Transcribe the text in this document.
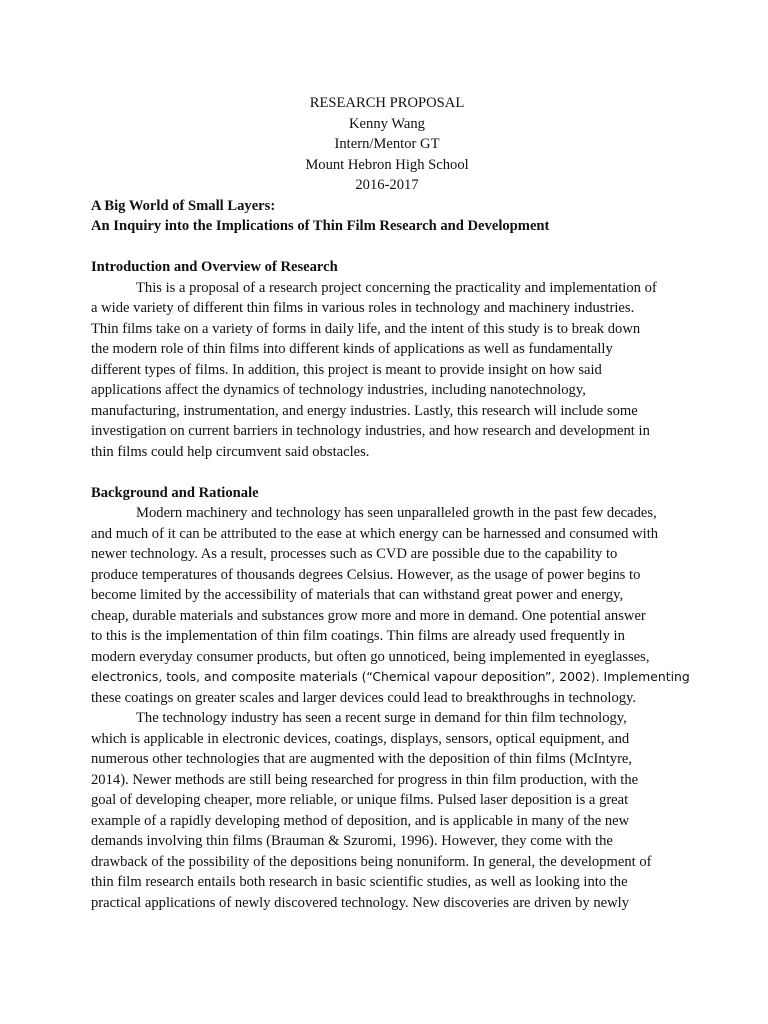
RESEARCH PROPOSAL
Kenny Wang
Intern/Mentor GT
Mount Hebron High School
2016-2017
A Big World of Small Layers:
An Inquiry into the Implications of Thin Film Research and Development
Introduction and Overview of Research

This is a proposal of a research project concerning the practicality and implementation of
a wide variety of different thin films in various roles in technology and machinery industries.
Thin films take on a variety of forms in daily life, and the intent of this study is to break down
the modern role of thin films into different kinds of applications as well as fundamentally
different types of films. In addition, this project is meant to provide insight on how said
applications affect the dynamics of technology industries, including nanotechnology,
manufacturing, instrumentation, and energy industries. Lastly, this research will include some
investigation on current barriers in technology industries, and how research and development in
thin films could help circumvent said obstacles.

Background and Rationale

Modern machinery and technology has seen unparalleled growth in the past few decades,
and much of it can be attributed to the ease at which energy can be harnessed and consumed with
newer technology. As a result, processes such as CVD are possible due to the capability to
produce temperatures of thousands degrees Celsius. However, as the usage of power begins to
become limited by the accessibility of materials that can withstand great power and energy,
cheap, durable materials and substances grow more and more in demand. One potential answer
to this is the implementation of thin film coatings. Thin films are already used frequently in
modern everyday consumer products, but often go unnoticed, being implemented in eyeglasses,
electronics, tools, and composite materials (“Chemical vapour deposition”, 2002). Implementing
these coatings on greater scales and larger devices could lead to breakthroughs in technology.

The technology industry has seen a recent surge in demand for thin film technology,
which is applicable in electronic devices, coatings, displays, sensors, optical equipment, and
numerous other technologies that are augmented with the deposition of thin films (McIntyre,
2014). Newer methods are still being researched for progress in thin film production, with the
goal of developing cheaper, more reliable, or unique films. Pulsed laser deposition is a great
example of a rapidly developing method of deposition, and is applicable in many of the new
demands involving thin films (Brauman & Szuromi, 1996). However, they come with the
drawback of the possibility of the depositions being nonuniform. In general, the development of
thin film research entails both research in basic scientific studies, as well as looking into the
practical applications of newly discovered technology. New discoveries are driven by newly
